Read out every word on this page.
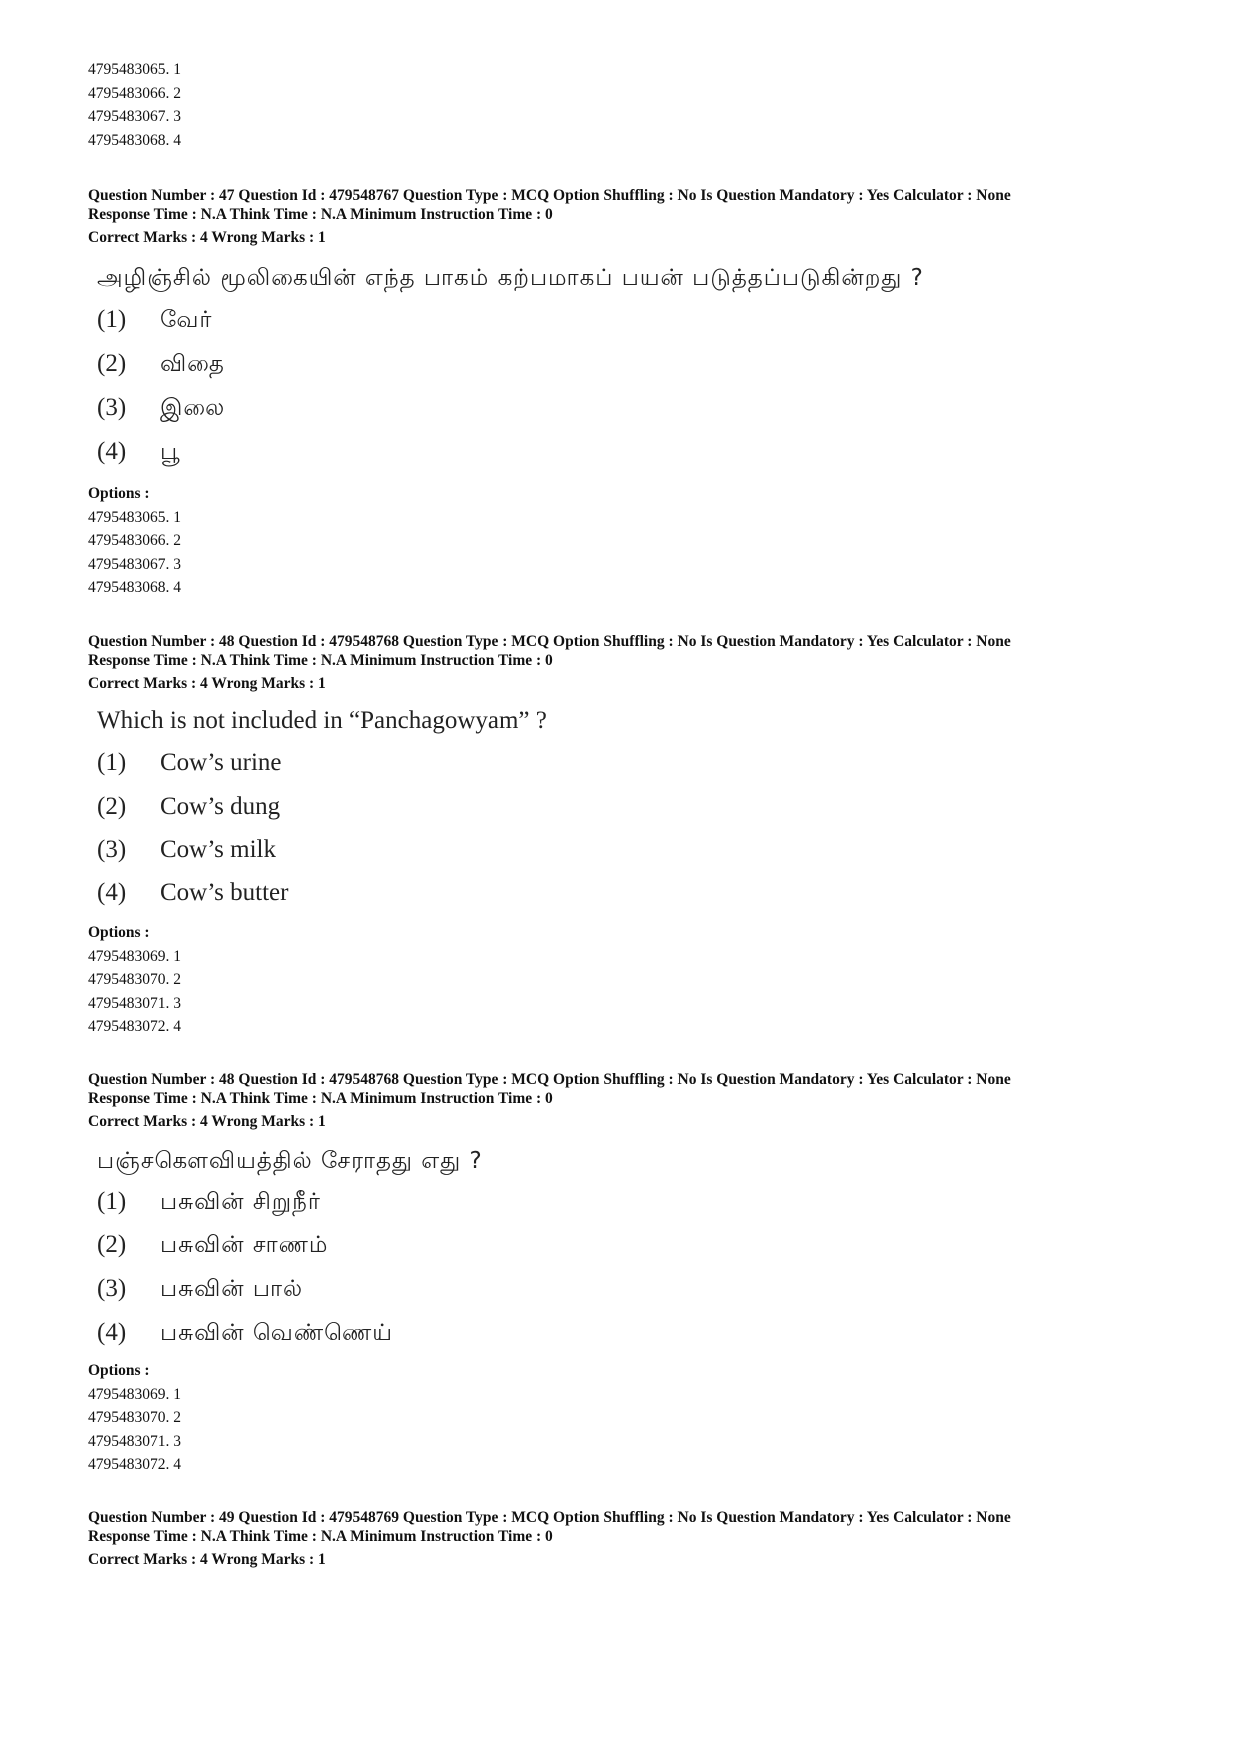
4795483065. 1

4795483066. 2

4795483067. 3

4795483068. 4

Question Number : 47 Question Id : 479548767 Question Type : MCQ Option Shuffling : No Is Question Mandatory : Yes Calculator : None

Response Time : N.A Think Time : N.A Minimum Instruction Time : 0

Correct Marks : 4 Wrong Marks : 1

அழிஞ்சில் மூலிகையின் எந்த பாகம் கற்பமாகப் பயன் படுத்தப்படுகின்றது ?
(1) வேர்
(2) விதை
(3) இலை
(4) பூ

Options :

4795483065. 1

4795483066. 2

4795483067. 3

4795483068. 4

Question Number : 48 Question Id : 479548768 Question Type : MCQ Option Shuffling : No Is Question Mandatory : Yes Calculator : None

Response Time : N.A Think Time : N.A Minimum Instruction Time : 0

Correct Marks : 4 Wrong Marks : 1

Which is not included in “Panchagowyam” ?
(1) Cow’s urine
(2) Cow’s dung
(3) Cow’s milk
(4) Cow’s butter

Options :

4795483069. 1

4795483070. 2

4795483071. 3

4795483072. 4

Question Number : 48 Question Id : 479548768 Question Type : MCQ Option Shuffling : No Is Question Mandatory : Yes Calculator : None

Response Time : N.A Think Time : N.A Minimum Instruction Time : 0

Correct Marks : 4 Wrong Marks : 1

பஞ்சகௌவியத்தில் சேராதது எது ?
(1) பசுவின் சிறுநீர்
(2) பசுவின் சாணம்
(3) பசுவின் பால்
(4) பசுவின் வெண்ணெய்

Options :

4795483069. 1

4795483070. 2

4795483071. 3

4795483072. 4

Question Number : 49 Question Id : 479548769 Question Type : MCQ Option Shuffling : No Is Question Mandatory : Yes Calculator : None

Response Time : N.A Think Time : N.A Minimum Instruction Time : 0

Correct Marks : 4 Wrong Marks : 1
